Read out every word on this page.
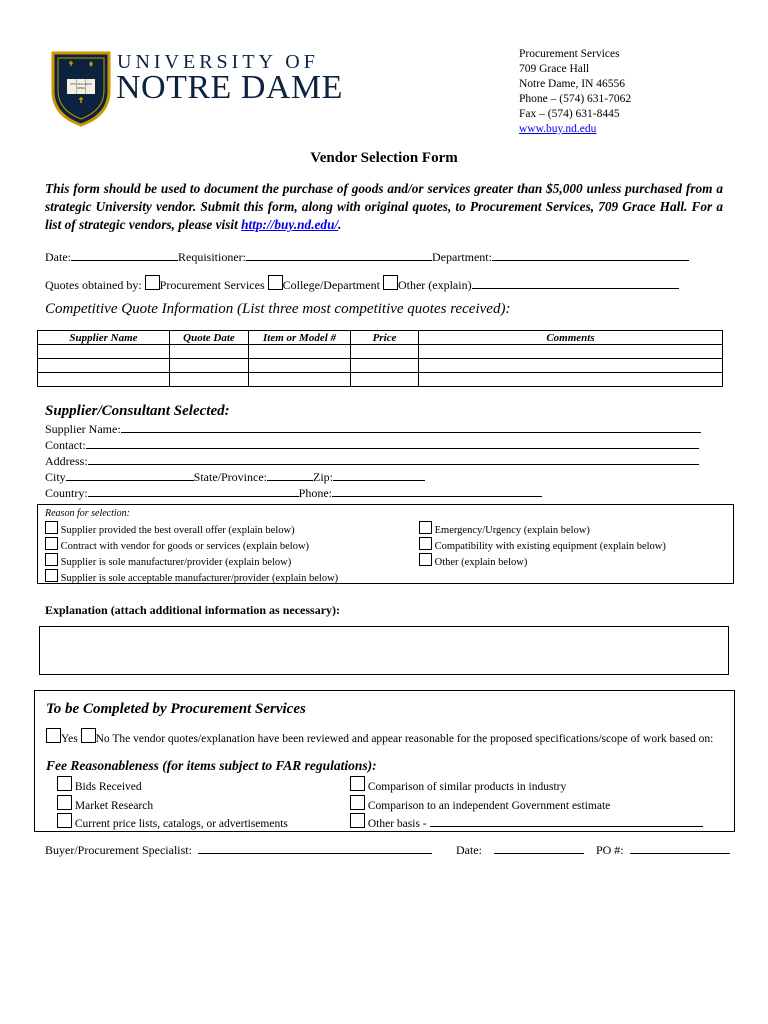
VITA DULCEDO SPES
UNIVERSITY OF
NOTRE DAME
Procurement Services
709 Grace Hall
Notre Dame, IN 46556
Phone – (574) 631-7062
Fax – (574) 631-8445
www.buy.nd.edu
Vendor Selection Form
This form should be used to document the purchase of goods and/or services greater than $5,000 unless purchased from a strategic University vendor. Submit this form, along with original quotes, to Procurement Services, 709 Grace Hall. For a list of strategic vendors, please visit http://buy.nd.edu/.
Date:	Requisitioner:	Department:
Quotes obtained by: Procurement Services College/Department Other (explain)
Competitive Quote Information (List three most competitive quotes received):
Supplier Name	Quote Date	Item or Model #	Price	Comments

Supplier/Consultant Selected:
Supplier Name:
Contact:
Address:
City	State/Province:	Zip:
Country:	Phone:
Reason for selection:
Supplier provided the best overall offer (explain below)
Contract with vendor for goods or services (explain below)
Supplier is sole manufacturer/provider (explain below)
Supplier is sole acceptable manufacturer/provider (explain below)
Emergency/Urgency (explain below)
Compatibility with existing equipment (explain below)
Other (explain below)
Explanation (attach additional information as necessary):
To be Completed by Procurement Services
Yes No The vendor quotes/explanation have been reviewed and appear reasonable for the proposed specifications/scope of work based on:
Fee Reasonableness (for items subject to FAR regulations):
Bids Received
Market Research
Current price lists, catalogs, or advertisements
Comparison of similar products in industry
Comparison to an independent Government estimate
Other basis -
Buyer/Procurement Specialist:	Date:	PO #:
